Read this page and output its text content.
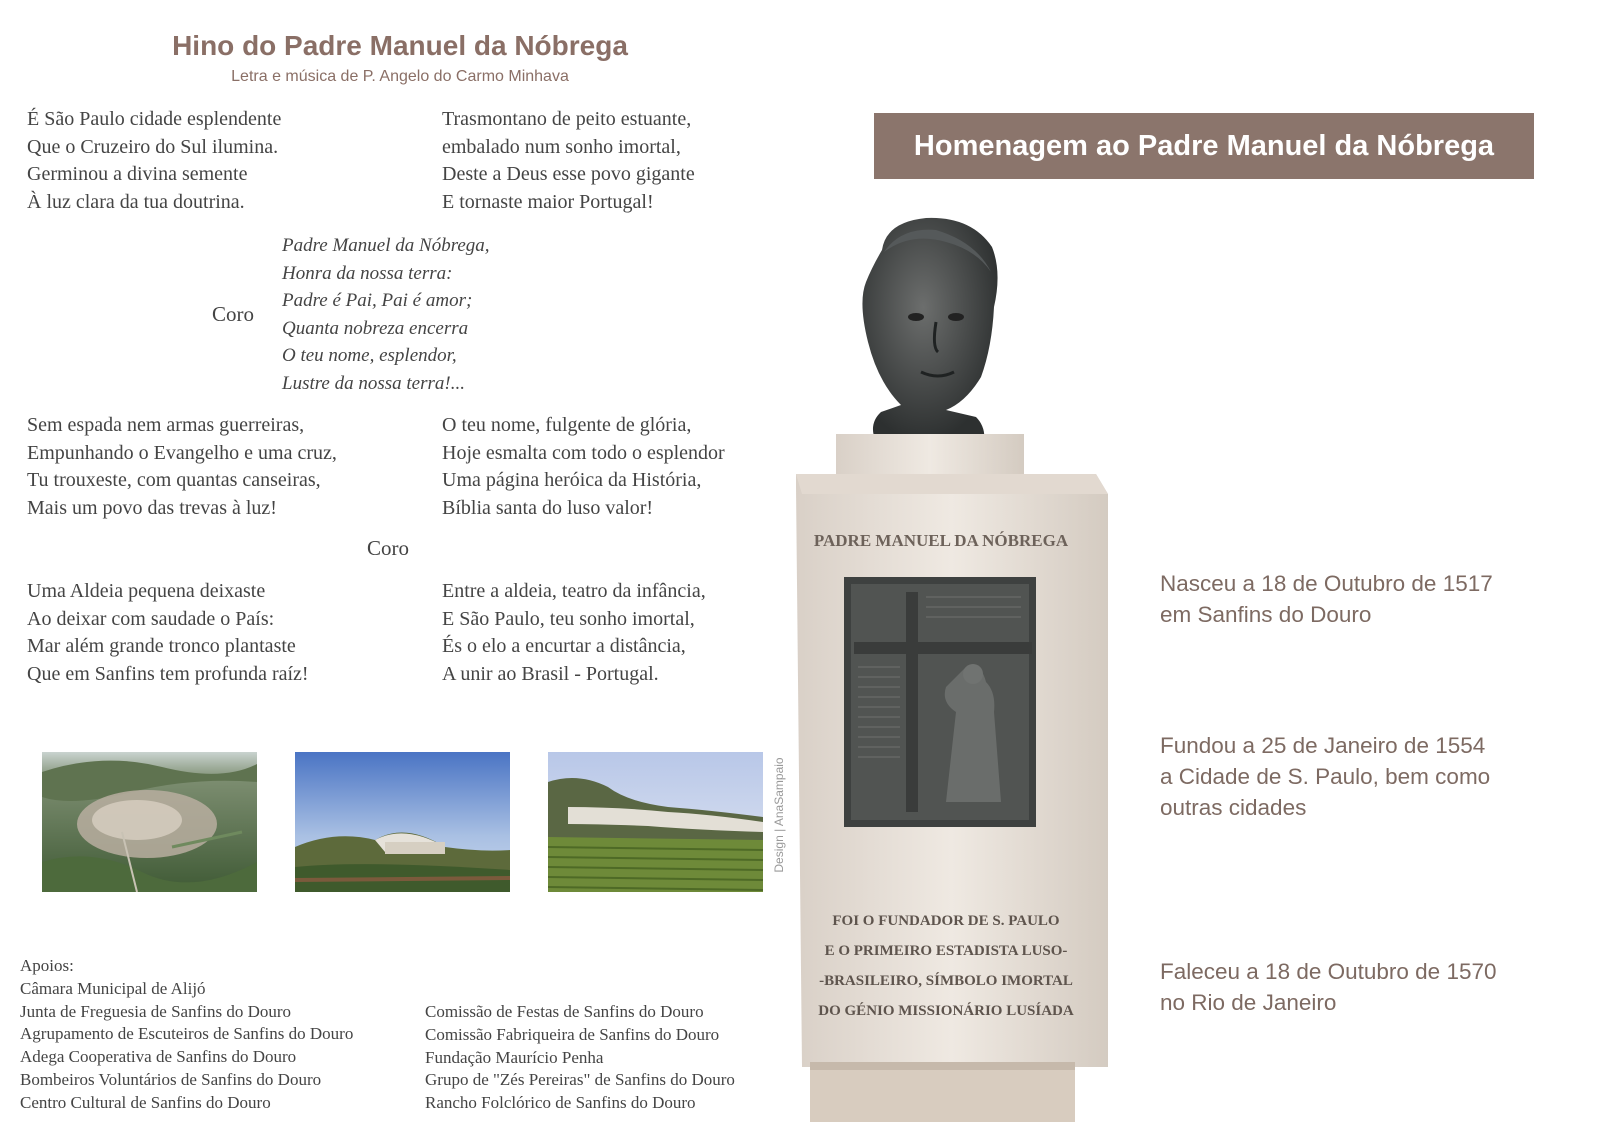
Hino do Padre Manuel da Nóbrega
Letra e música de P. Angelo do Carmo Minhava
É São Paulo cidade esplendente
Que o Cruzeiro do Sul ilumina.
Germinou a divina semente
À luz clara da tua doutrina.
Trasmontano de peito estuante,
embalado num sonho imortal,
Deste a Deus esse povo gigante
E tornaste maior Portugal!
Coro
Padre Manuel da Nóbrega,
Honra da nossa terra:
Padre é Pai, Pai é amor;
Quanta nobreza encerra
O teu nome, esplendor,
Lustre da nossa terra!...
Sem espada nem armas guerreiras,
Empunhando o Evangelho e uma cruz,
Tu trouxeste, com quantas canseiras,
Mais um povo das trevas à luz!
O teu nome, fulgente de glória,
Hoje esmalta com todo o esplendor
Uma página heróica da História,
Bíblia santa do luso valor!
Coro
Uma Aldeia pequena deixaste
Ao deixar com saudade o País:
Mar além grande tronco plantaste
Que em Sanfins tem profunda raíz!
Entre a aldeia, teatro da infância,
E São Paulo, teu sonho imortal,
És o elo a encurtar a distância,
A unir ao Brasil - Portugal.
Design | AnaSampaio
Apoios:
Câmara Municipal de Alijó
Junta de Freguesia de Sanfins do Douro
Agrupamento de Escuteiros de Sanfins do Douro
Adega Cooperativa de Sanfins do Douro
Bombeiros Voluntários de Sanfins do Douro
Centro Cultural de Sanfins do Douro
Comissão de Festas de Sanfins do Douro
Comissão Fabriqueira de Sanfins do Douro
Fundação Maurício Penha
Grupo de "Zés Pereiras" de Sanfins do Douro
Rancho Folclórico de Sanfins do Douro
Homenagem ao Padre Manuel da Nóbrega
PADRE MANUEL DA NÓBREGA
FOI O FUNDADOR DE S. PAULO
E O PRIMEIRO ESTADISTA LUSO-
-BRASILEIRO, SÍMBOLO IMORTAL
DO GÉNIO MISSIONÁRIO LUSÍADA
Nasceu a 18 de Outubro de 1517
em Sanfins do Douro
Fundou a 25 de Janeiro de 1554
a Cidade de S. Paulo, bem como
outras cidades
Faleceu a 18 de Outubro de 1570
no Rio de Janeiro
